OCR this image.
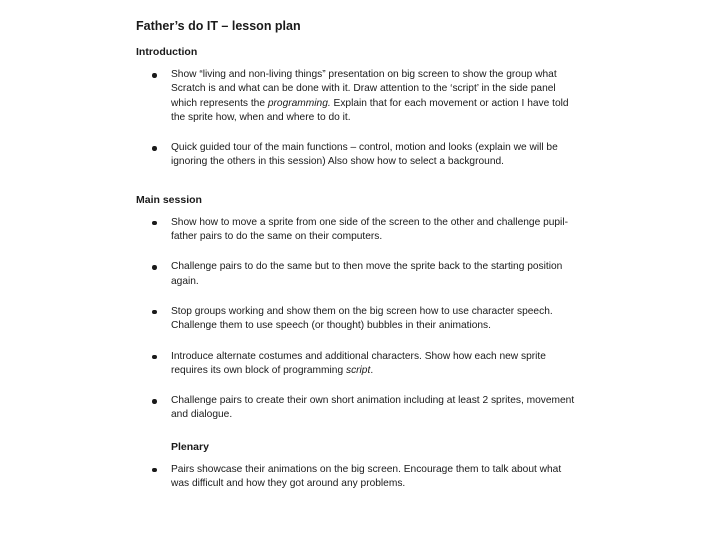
Father’s do IT – lesson plan
Introduction
Show “living and non-living things” presentation on big screen to show the group what Scratch is and what can be done with it. Draw attention to the ‘script’ in the side panel which represents the programming. Explain that for each movement or action I have told the sprite how, when and where to do it.
Quick guided tour of the main functions – control, motion and looks (explain we will be ignoring the others in this session) Also show how to select a background.
Main session
Show how to move a sprite from one side of the screen to the other and challenge pupil-father pairs to do the same on their computers.
Challenge pairs to do the same but to then move the sprite back to the starting position again.
Stop groups working and show them on the big screen how to use character speech. Challenge them to use speech (or thought) bubbles in their animations.
Introduce alternate costumes and additional characters. Show how each new sprite requires its own block of programming script.
Challenge pairs to create their own short animation including at least 2 sprites, movement and dialogue.
Plenary
Pairs showcase their animations on the big screen. Encourage them to talk about what was difficult and how they got around any problems.
